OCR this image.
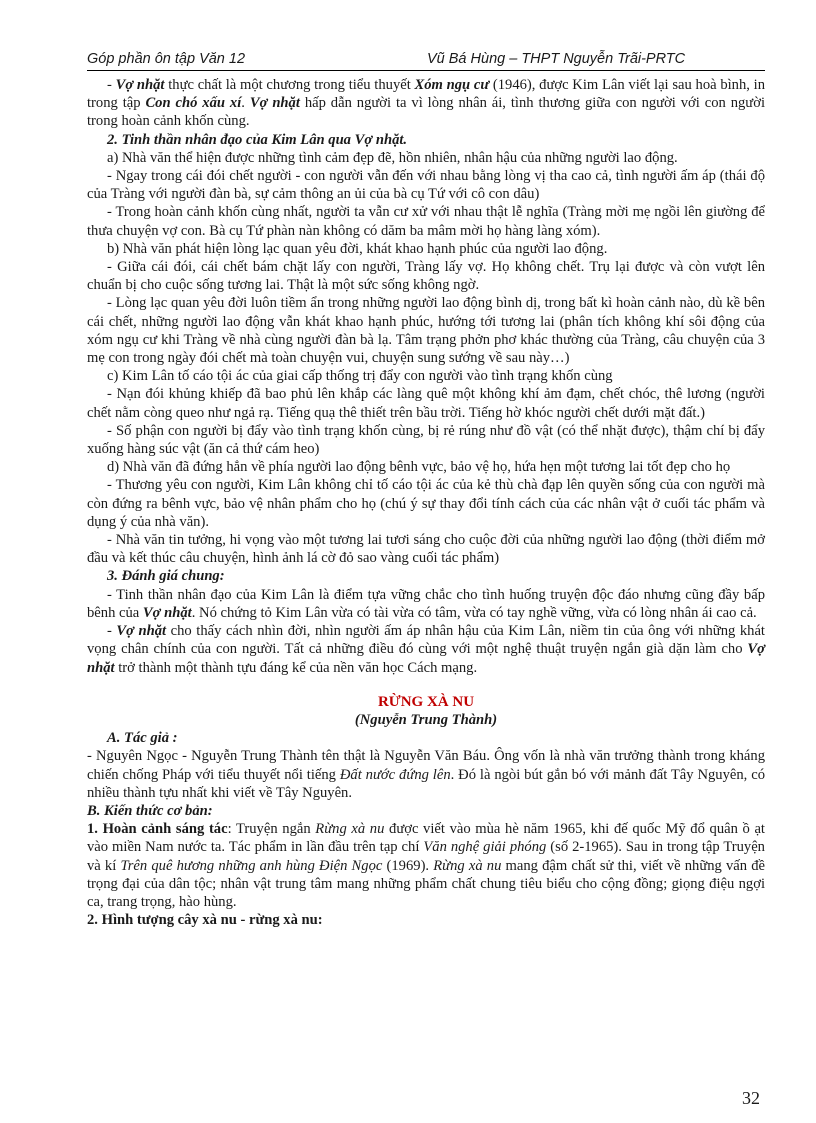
Góp phần ôn tập Văn 12	Vũ Bá Hùng – THPT Nguyễn Trãi-PRTC

- Vợ nhặt thực chất là một chương trong tiểu thuyết Xóm ngụ cư (1946), được Kim Lân viết lại sau hoà bình, in trong tập Con chó xấu xí. Vợ nhặt hấp dẫn người ta vì lòng nhân ái, tình thương giữa con người với con người trong hoàn cảnh khốn cùng.

2. Tinh thần nhân đạo của Kim Lân qua Vợ nhặt.

a) Nhà văn thể hiện được những tình cảm đẹp đẽ, hồn nhiên, nhân hậu của những người lao động.

- Ngay trong cái đói chết người - con người vẫn đến với nhau bằng lòng vị tha cao cả, tình người ấm áp (thái độ của Tràng với người đàn bà, sự cảm thông an ủi của bà cụ Tứ với cô con dâu)

- Trong hoàn cảnh khốn cùng nhất, người ta vẫn cư xử với nhau thật lễ nghĩa (Tràng mời mẹ ngồi lên giường để thưa chuyện vợ con. Bà cụ Tứ phàn nàn không có dăm ba mâm mời họ hàng làng xóm).

b) Nhà văn phát hiện lòng lạc quan yêu đời, khát khao hạnh phúc của người lao động.

- Giữa cái đói, cái chết bám chặt lấy con người, Tràng lấy vợ. Họ không chết. Trụ lại được và còn vượt lên chuẩn bị cho cuộc sống tương lai. Thật là một sức sống không ngờ.

- Lòng lạc quan yêu đời luôn tiềm ẩn trong những người lao động bình dị, trong bất kì hoàn cảnh nào, dù kề bên cái chết, những người lao động vẫn khát khao hạnh phúc, hướng tới tương lai (phân tích không khí sôi động của xóm ngụ cư khi Tràng về nhà cùng người đàn bà lạ. Tâm trạng phởn phơ khác thường của Tràng, câu chuyện của 3 mẹ con trong ngày đói chết mà toàn chuyện vui, chuyện sung sướng về sau này…)

c) Kim Lân tố cáo tội ác của giai cấp thống trị đẩy con người vào tình trạng khốn cùng

- Nạn đói khủng khiếp đã bao phủ lên khắp các làng quê một không khí ảm đạm, chết chóc, thê lương (người chết nằm còng queo như ngả rạ. Tiếng quạ thê thiết trên bầu trời. Tiếng hờ khóc người chết dưới mặt đất.)

- Số phận con người bị đẩy vào tình trạng khốn cùng, bị rẻ rúng như đồ vật (có thể nhặt được), thậm chí bị đẩy xuống hàng súc vật (ăn cả thứ cám heo)

d) Nhà văn đã đứng hẳn về phía người lao động bênh vực, bảo vệ họ, hứa hẹn một tương lai tốt đẹp cho họ

- Thương yêu con người, Kim Lân không chỉ tố cáo tội ác của kẻ thù chà đạp lên quyền sống của con người mà còn đứng ra bênh vực, bảo vệ nhân phẩm cho họ (chú ý sự thay đổi tính cách của các nhân vật ở cuối tác phẩm và dụng ý của nhà văn).

- Nhà văn tin tưởng, hi vọng vào một tương lai tươi sáng cho cuộc đời của những người lao động (thời điểm mở đầu và kết thúc câu chuyện, hình ảnh lá cờ đỏ sao vàng cuối tác phẩm)

3. Đánh giá chung:

- Tinh thần nhân đạo của Kim Lân là điểm tựa vững chắc cho tình huống truyện độc đáo nhưng cũng đầy bấp bênh của Vợ nhặt. Nó chứng tỏ Kim Lân vừa có tài vừa có tâm, vừa có tay nghề vững, vừa có lòng nhân ái cao cả.

- Vợ nhặt cho thấy cách nhìn đời, nhìn người ấm áp nhân hậu của Kim Lân, niềm tin của ông với những khát vọng chân chính của con người. Tất cả những điều đó cùng với một nghệ thuật truyện ngắn già dặn làm cho Vợ nhặt trở thành một thành tựu đáng kể của nền văn học Cách mạng.

RỪNG XÀ NU
(Nguyễn Trung Thành)

A. Tác giả :

- Nguyên Ngọc - Nguyễn Trung Thành tên thật là Nguyễn Văn Báu. Ông vốn là nhà văn trưởng thành trong kháng chiến chống Pháp với tiểu thuyết nổi tiếng Đất nước đứng lên. Đó là ngòi bút gắn bó với mảnh đất Tây Nguyên, có nhiều thành tựu nhất khi viết về Tây Nguyên.

B. Kiến thức cơ bản:

1. Hoàn cảnh sáng tác: Truyện ngắn Rừng xà nu được viết vào mùa hè năm 1965, khi đế quốc Mỹ đổ quân ồ ạt vào miền Nam nước ta. Tác phẩm in lần đầu trên tạp chí Văn nghệ giải phóng (số 2-1965). Sau in trong tập Truyện và kí Trên quê hương những anh hùng Điện Ngọc (1969). Rừng xà nu mang đậm chất sử thi, viết về những vấn đề trọng đại của dân tộc; nhân vật trung tâm mang những phẩm chất chung tiêu biểu cho cộng đồng; giọng điệu ngợi ca, trang trọng, hào hùng.

2. Hình tượng cây xà nu - rừng xà nu:

32
